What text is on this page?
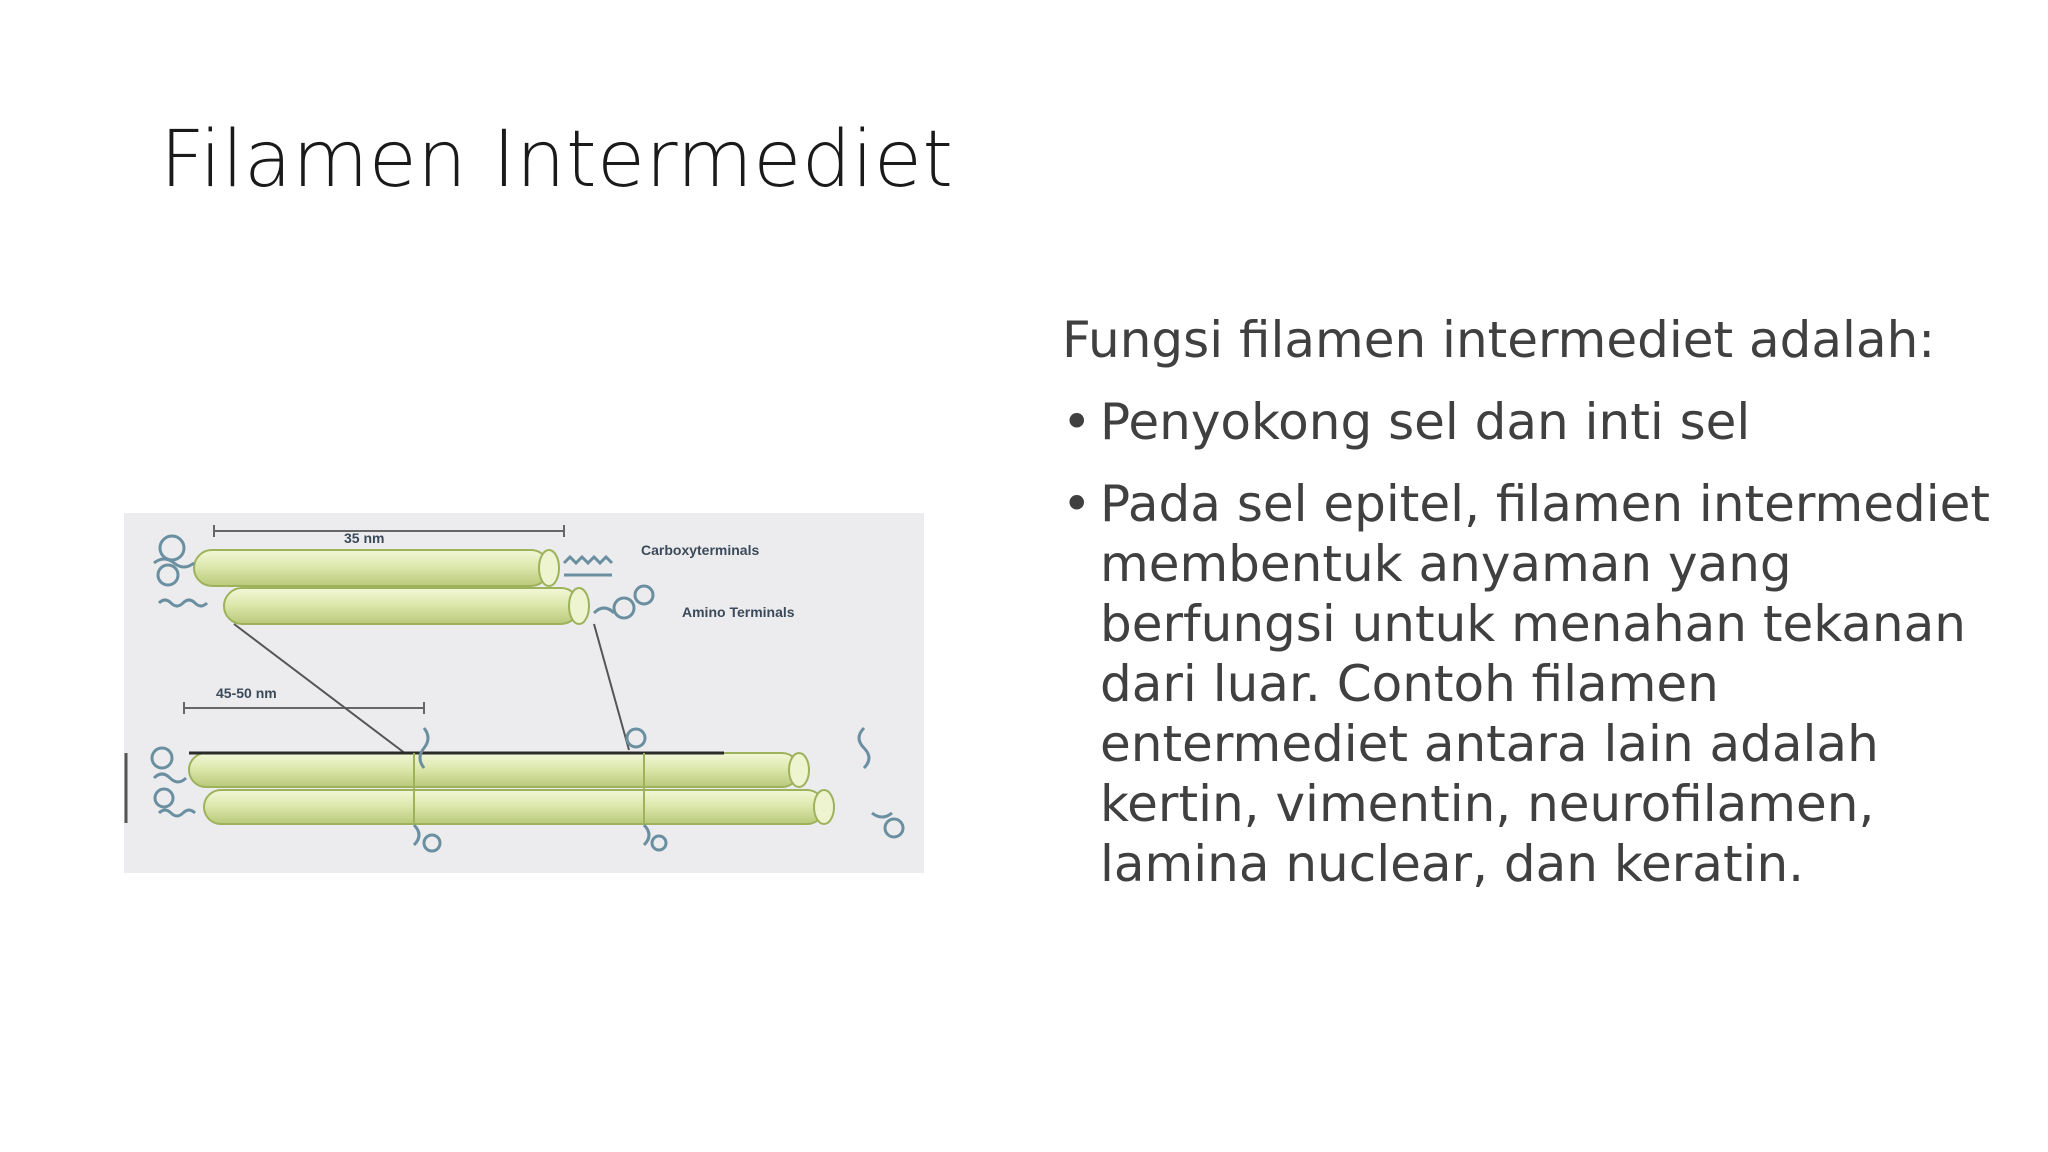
Filamen Intermediet
35 nm
Carboxyterminals
Amino Terminals
45-50 nm

Fungsi filamen intermediet adalah:

• Penyokong sel dan inti sel
• Pada sel epitel, filamen intermediet membentuk anyaman yang berfungsi untuk menahan tekanan dari luar. Contoh filamen entermediet antara lain adalah kertin, vimentin, neurofilamen, lamina nuclear, dan keratin.
